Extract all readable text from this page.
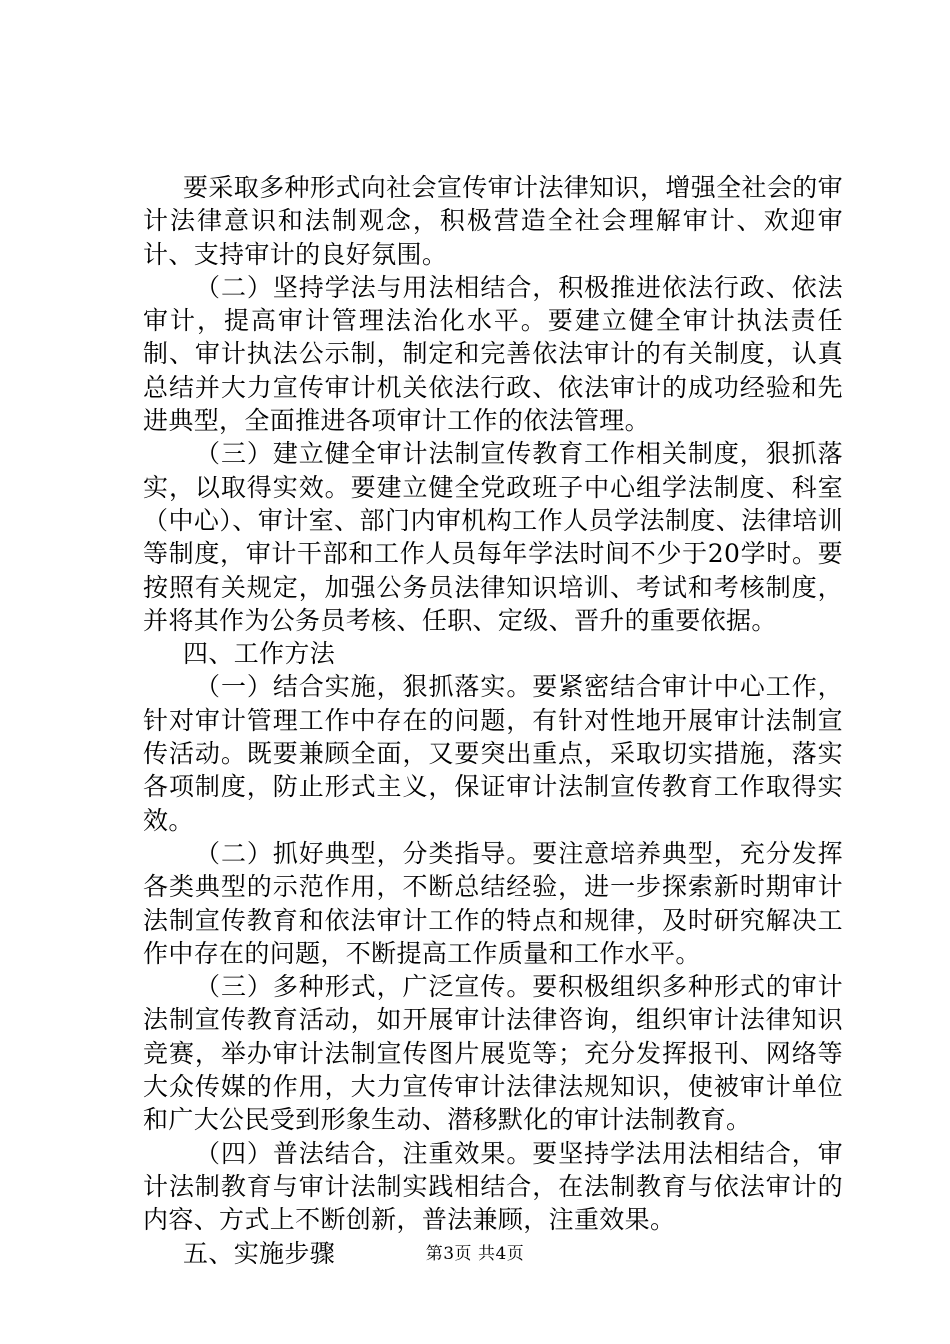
要采取多种形式向社会宣传审计法律知识，增强全社会的审计法律意识和法制观念，积极营造全社会理解审计、欢迎审计、支持审计的良好氛围。

（二）坚持学法与用法相结合，积极推进依法行政、依法审计，提高审计管理法治化水平。要建立健全审计执法责任制、审计执法公示制，制定和完善依法审计的有关制度，认真总结并大力宣传审计机关依法行政、依法审计的成功经验和先进典型，全面推进各项审计工作的依法管理。

（三）建立健全审计法制宣传教育工作相关制度，狠抓落实，以取得实效。要建立健全党政班子中心组学法制度、科室（中心）、审计室、部门内审机构工作人员学法制度、法律培训等制度，审计干部和工作人员每年学法时间不少于20学时。要按照有关规定，加强公务员法律知识培训、考试和考核制度，并将其作为公务员考核、任职、定级、晋升的重要依据。

四、工作方法

（一）结合实施，狠抓落实。要紧密结合审计中心工作，针对审计管理工作中存在的问题，有针对性地开展审计法制宣传活动。既要兼顾全面，又要突出重点，采取切实措施，落实各项制度，防止形式主义，保证审计法制宣传教育工作取得实效。

（二）抓好典型，分类指导。要注意培养典型，充分发挥各类典型的示范作用，不断总结经验，进一步探索新时期审计法制宣传教育和依法审计工作的特点和规律，及时研究解决工作中存在的问题，不断提高工作质量和工作水平。

（三）多种形式，广泛宣传。要积极组织多种形式的审计法制宣传教育活动，如开展审计法律咨询，组织审计法律知识竞赛，举办审计法制宣传图片展览等；充分发挥报刊、网络等大众传媒的作用，大力宣传审计法律法规知识，使被审计单位和广大公民受到形象生动、潜移默化的审计法制教育。

（四）普法结合，注重效果。要坚持学法用法相结合，审计法制教育与审计法制实践相结合，在法制教育与依法审计的内容、方式上不断创新，普法兼顾，注重效果。

五、实施步骤	第3页 共4页
